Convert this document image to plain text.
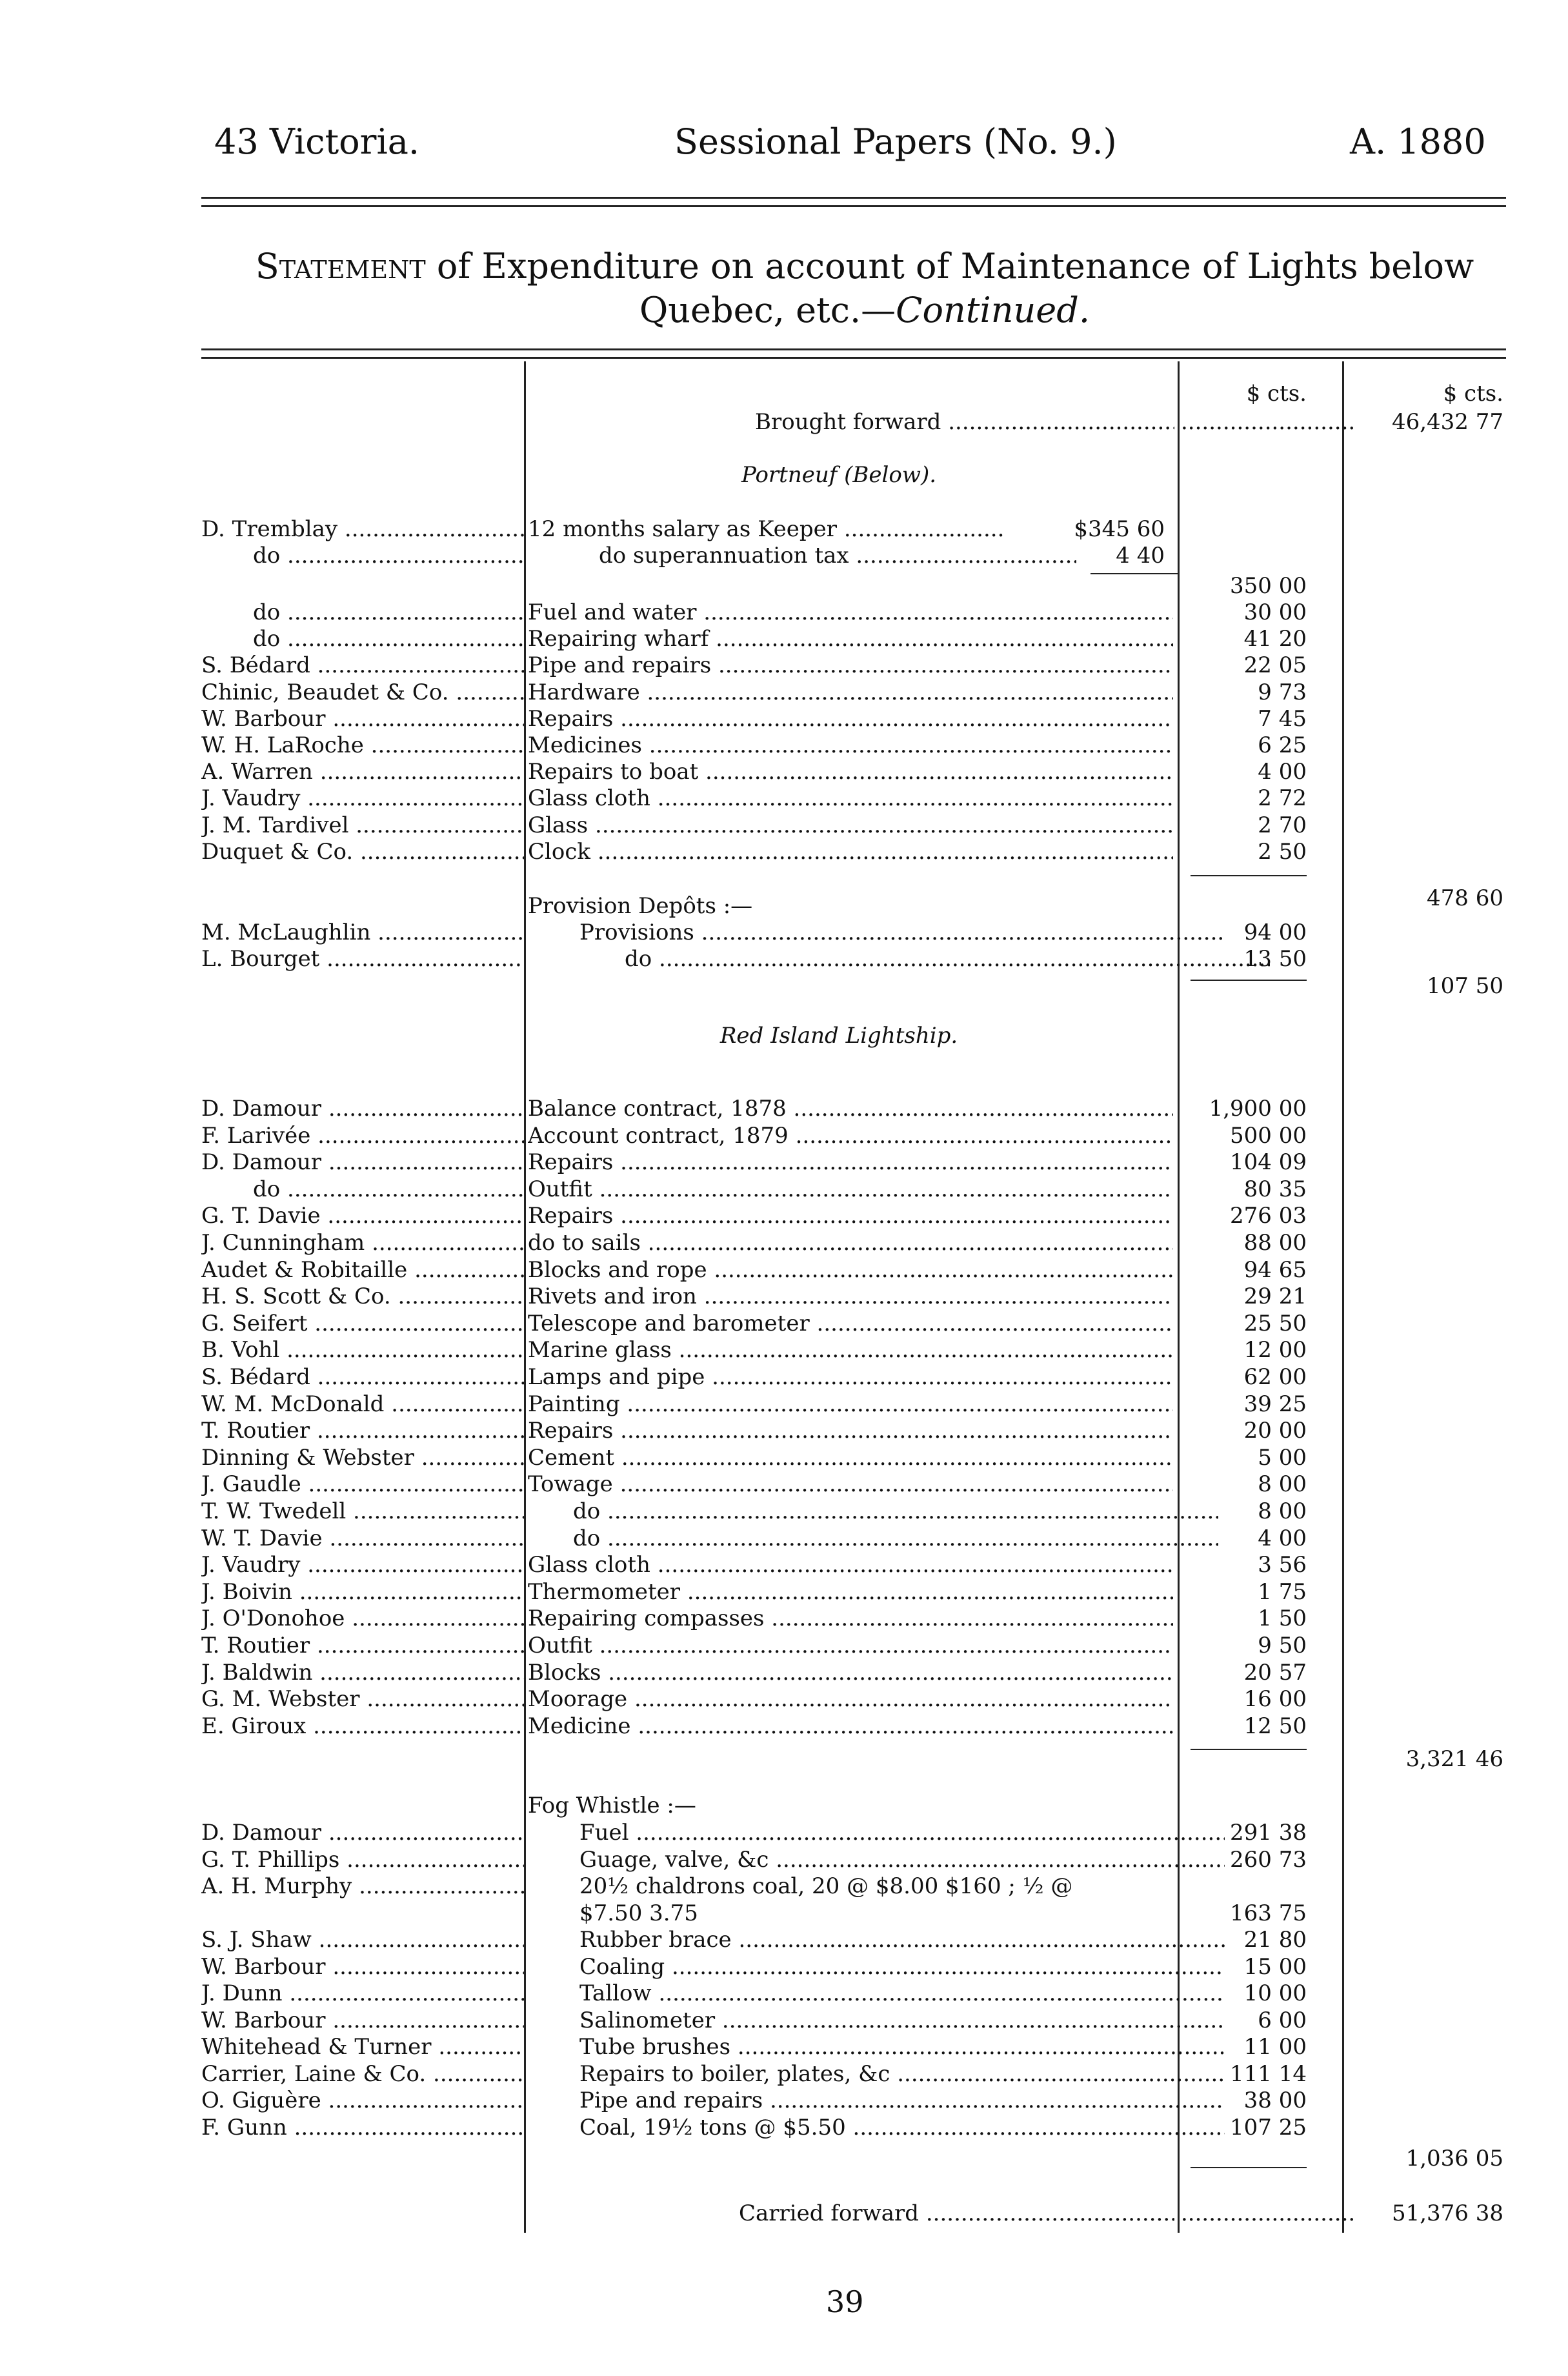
43 Victoria.	Sessional Papers (No. 9.)	A. 1880
Statement of Expenditure on account of Maintenance of Lights below
Quebec, etc.—Continued.
$ cts.	$ cts.
Brought forward .....	.........................	46,432 77
Portneuf (Below).
D. Tremblay .....	12 months salary as Keeper .....	$345 60
do .....	do superannuation tax .....	4 40
350 00
do .....	Fuel and water .....	30 00
do .....	Repairing wharf .....	41 20
S. Bédard .....	Pipe and repairs .....	22 05
Chinic, Beaudet & Co. .....	Hardware .....	9 73
W. Barbour .....	Repairs .....	7 45
W. H. LaRoche .....	Medicines .....	6 25
A. Warren .....	Repairs to boat .....	4 00
J. Vaudry .....	Glass cloth .....	2 72
J. M. Tardivel .....	Glass .....	2 70
Duquet & Co. .....	Clock .....	2 50
478 60
Provision Depôts :—
M. McLaughlin .....	Provisions .....	94 00
L. Bourget .....	do .....	13 50
107 50
Red Island Lightship.
D. Damour .....	Balance contract, 1878 .....	1,900 00
F. Larivée .....	Account contract, 1879 .....	500 00
D. Damour .....	Repairs .....	104 09
do .....	Outfit .....	80 35
G. T. Davie .....	Repairs .....	276 03
J. Cunningham .....	do to sails .....	88 00
Audet & Robitaille .....	Blocks and rope .....	94 65
H. S. Scott & Co. .....	Rivets and iron .....	29 21
G. Seifert .....	Telescope and barometer .....	25 50
B. Vohl .....	Marine glass .....	12 00
S. Bédard .....	Lamps and pipe .....	62 00
W. M. McDonald .....	Painting .....	39 25
T. Routier .....	Repairs .....	20 00
Dinning & Webster .....	Cement .....	5 00
J. Gaudle .....	Towage .....	8 00
T. W. Twedell .....	do .....	8 00
W. T. Davie .....	do .....	4 00
J. Vaudry .....	Glass cloth .....	3 56
J. Boivin .....	Thermometer .....	1 75
J. O'Donohoe .....	Repairing compasses .....	1 50
T. Routier .....	Outfit .....	9 50
J. Baldwin .....	Blocks .....	20 57
G. M. Webster .....	Moorage .....	16 00
E. Giroux .....	Medicine .....	12 50
3,321 46
Fog Whistle :—
D. Damour .....	Fuel .....	291 38
G. T. Phillips .....	Guage, valve, &c .....	260 73
A. H. Murphy .....	20½ chaldrons coal, 20 @ $8.00 $160 ; ½ @
$7.50 3.75	163 75
S. J. Shaw .....	Rubber brace .....	21 80
W. Barbour .....	Coaling .....	15 00
J. Dunn .....	Tallow .....	10 00
W. Barbour .....	Salinometer .....	6 00
Whitehead & Turner .....	Tube brushes .....	11 00
Carrier, Laine & Co. .....	Repairs to boiler, plates, &c .....	111 14
O. Giguère .....	Pipe and repairs .....	38 00
F. Gunn .....	Coal, 19½ tons @ $5.50 .....	107 25
1,036 05
Carried forward .....	.........................	51,376 38
39
